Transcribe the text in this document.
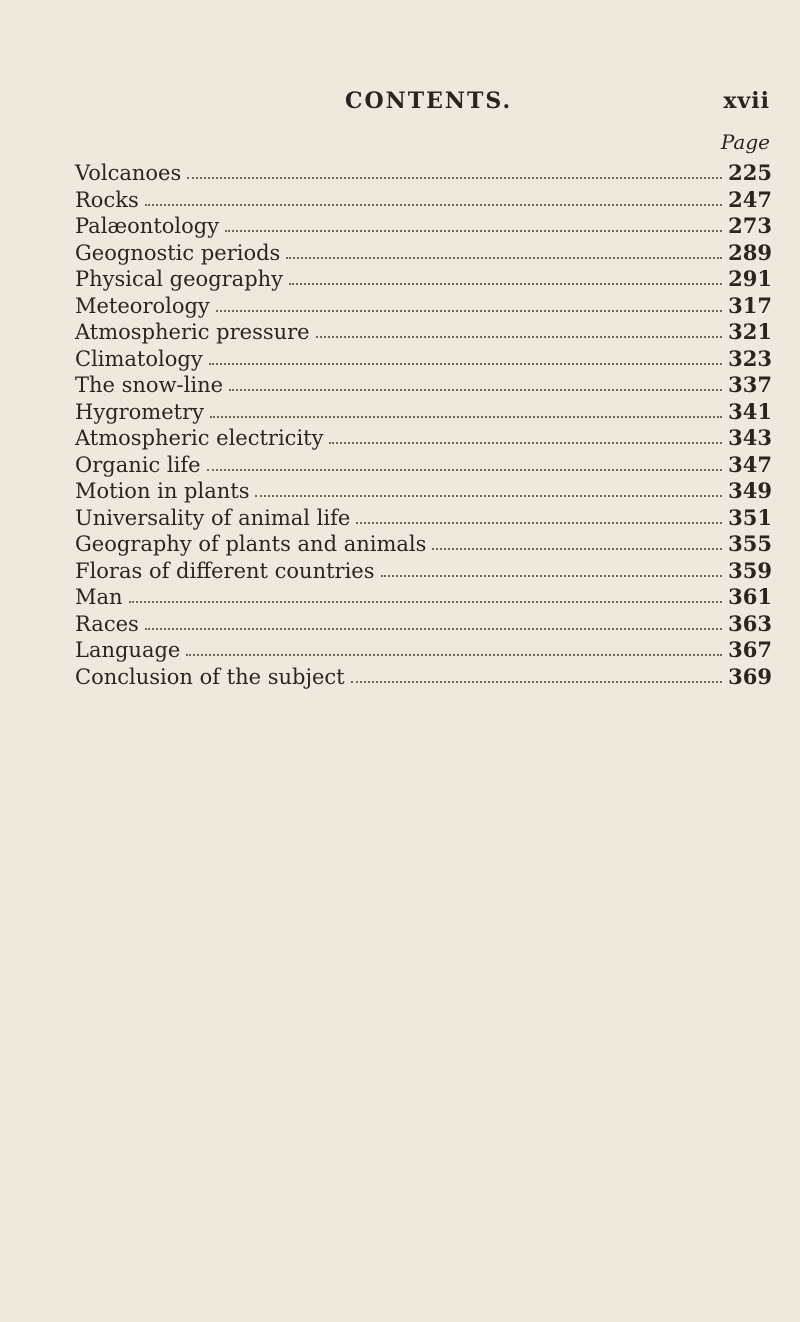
CONTENTS.	xvii
Page
Volcanoes	225
Rocks	247
Palæontology	273
Geognostic periods	289
Physical geography	291
Meteorology	317
Atmospheric pressure	321
Climatology	323
The snow-line	337
Hygrometry	341
Atmospheric electricity	343
Organic life	347
Motion in plants	349
Universality of animal life	351
Geography of plants and animals	355
Floras of different countries	359
Man	361
Races	363
Language	367
Conclusion of the subject	369
